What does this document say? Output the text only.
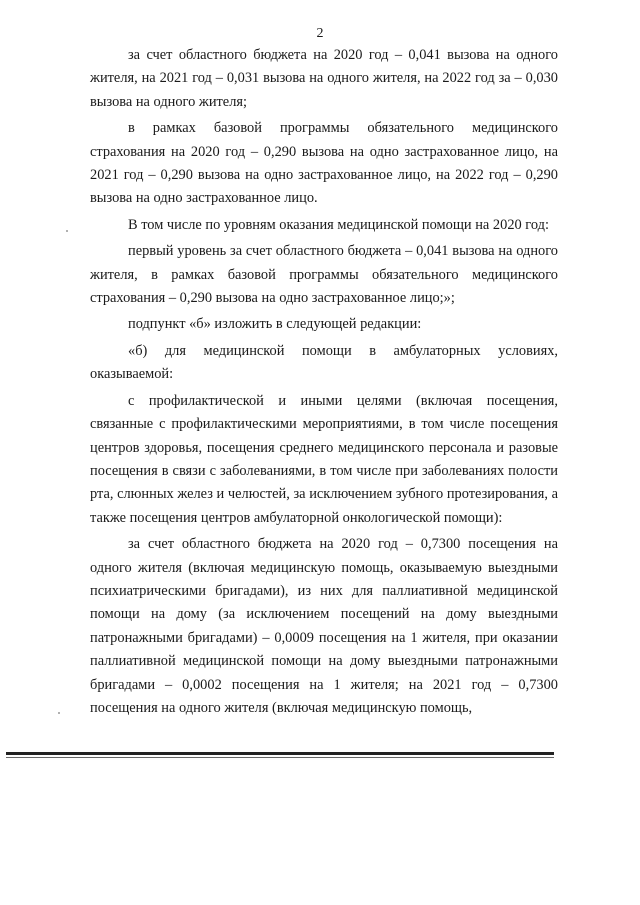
2

за счет областного бюджета на 2020 год – 0,041 вызова на одного жителя, на 2021 год – 0,031 вызова на одного жителя, на 2022 год за – 0,030 вызова на одного жителя;

в рамках базовой программы обязательного медицинского страхования на 2020 год – 0,290 вызова на одно застрахованное лицо, на 2021 год – 0,290 вызова на одно застрахованное лицо, на 2022 год – 0,290 вызова на одно застрахованное лицо.

В том числе по уровням оказания медицинской помощи на 2020 год:

первый уровень за счет областного бюджета – 0,041 вызова на одного жителя, в рамках базовой программы обязательного медицинского страхования – 0,290 вызова на одно застрахованное лицо;»;

подпункт «б» изложить в следующей редакции:

«б) для медицинской помощи в амбулаторных условиях, оказываемой:

с профилактической и иными целями (включая посещения, связанные с профилактическими мероприятиями, в том числе посещения центров здоровья, посещения среднего медицинского персонала и разовые посещения в связи с заболеваниями, в том числе при заболеваниях полости рта, слюнных желез и челюстей, за исключением зубного протезирования, а также посещения центров амбулаторной онкологической помощи):

за счет областного бюджета на 2020 год – 0,7300 посещения на одного жителя (включая медицинскую помощь, оказываемую выездными психиатрическими бригадами), из них для паллиативной медицинской помощи на дому (за исключением посещений на дому выездными патронажными бригадами) – 0,0009 посещения на 1 жителя, при оказании паллиативной медицинской помощи на дому выездными патронажными бригадами – 0,0002 посещения на 1 жителя; на 2021 год – 0,7300 посещения на одного жителя (включая медицинскую помощь,
